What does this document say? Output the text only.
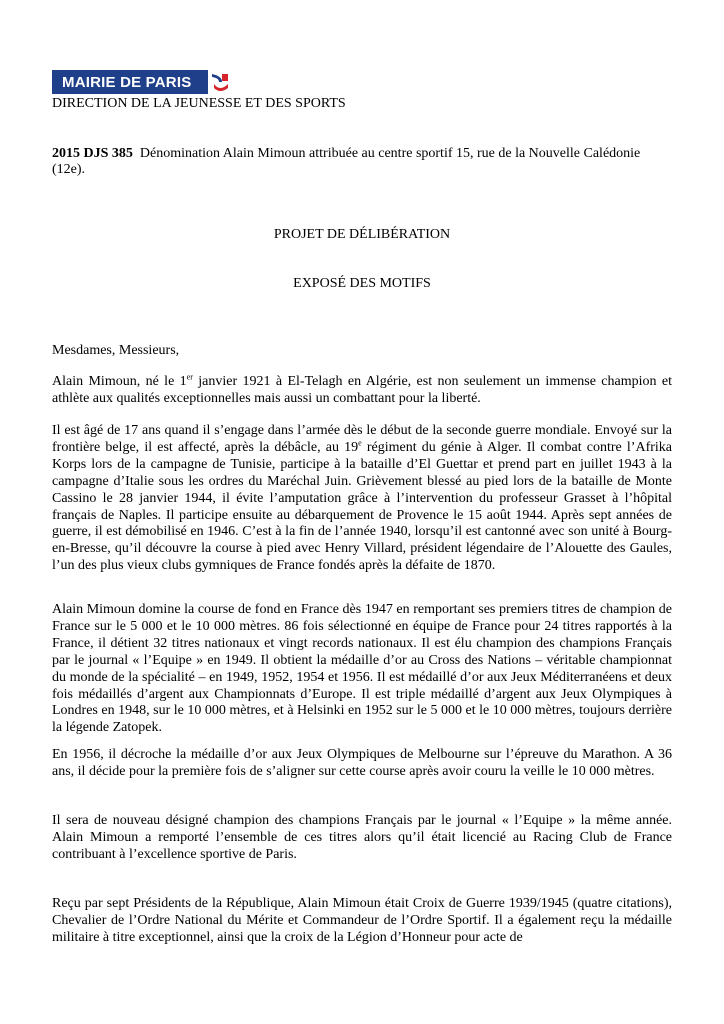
MAIRIE DE PARIS
DIRECTION DE LA JEUNESSE ET DES SPORTS
2015 DJS 385 Dénomination Alain Mimoun attribuée au centre sportif 15, rue de la Nouvelle Calédonie (12e).
PROJET DE DÉLIBÉRATION
EXPOSÉ DES MOTIFS
Mesdames, Messieurs,
Alain Mimoun, né le 1er janvier 1921 à El-Telagh en Algérie, est non seulement un immense champion et athlète aux qualités exceptionnelles mais aussi un combattant pour la liberté.
Il est âgé de 17 ans quand il s’engage dans l’armée dès le début de la seconde guerre mondiale. Envoyé sur la frontière belge, il est affecté, après la débâcle, au 19e régiment du génie à Alger. Il combat contre l’Afrika Korps lors de la campagne de Tunisie, participe à la bataille d’El Guettar et prend part en juillet 1943 à la campagne d’Italie sous les ordres du Maréchal Juin. Grièvement blessé au pied lors de la bataille de Monte Cassino le 28 janvier 1944, il évite l’amputation grâce à l’intervention du professeur Grasset à l’hôpital français de Naples. Il participe ensuite au débarquement de Provence le 15 août 1944. Après sept années de guerre, il est démobilisé en 1946. C’est à la fin de l’année 1940, lorsqu’il est cantonné avec son unité à Bourg-en-Bresse, qu’il découvre la course à pied avec Henry Villard, président légendaire de l’Alouette des Gaules, l’un des plus vieux clubs gymniques de France fondés après la défaite de 1870.
Alain Mimoun domine la course de fond en France dès 1947 en remportant ses premiers titres de champion de France sur le 5 000 et le 10 000 mètres. 86 fois sélectionné en équipe de France pour 24 titres rapportés à la France, il détient 32 titres nationaux et vingt records nationaux. Il est élu champion des champions Français par le journal « l’Equipe » en 1949. Il obtient la médaille d’or au Cross des Nations – véritable championnat du monde de la spécialité – en 1949, 1952, 1954 et 1956. Il est médaillé d’or aux Jeux Méditerranéens et deux fois médaillés d’argent aux Championnats d’Europe. Il est triple médaillé d’argent aux Jeux Olympiques à Londres en 1948, sur le 10 000 mètres, et à Helsinki en 1952 sur le 5 000 et le 10 000 mètres, toujours derrière la légende Zatopek.
En 1956, il décroche la médaille d’or aux Jeux Olympiques de Melbourne sur l’épreuve du Marathon. A 36 ans, il décide pour la première fois de s’aligner sur cette course après avoir couru la veille le 10 000 mètres.
Il sera de nouveau désigné champion des champions Français par le journal « l’Equipe » la même année. Alain Mimoun a remporté l’ensemble de ces titres alors qu’il était licencié au Racing Club de France contribuant à l’excellence sportive de Paris.
Reçu par sept Présidents de la République, Alain Mimoun était Croix de Guerre 1939/1945 (quatre citations), Chevalier de l’Ordre National du Mérite et Commandeur de l’Ordre Sportif. Il a également reçu la médaille militaire à titre exceptionnel, ainsi que la croix de la Légion d’Honneur pour acte de
